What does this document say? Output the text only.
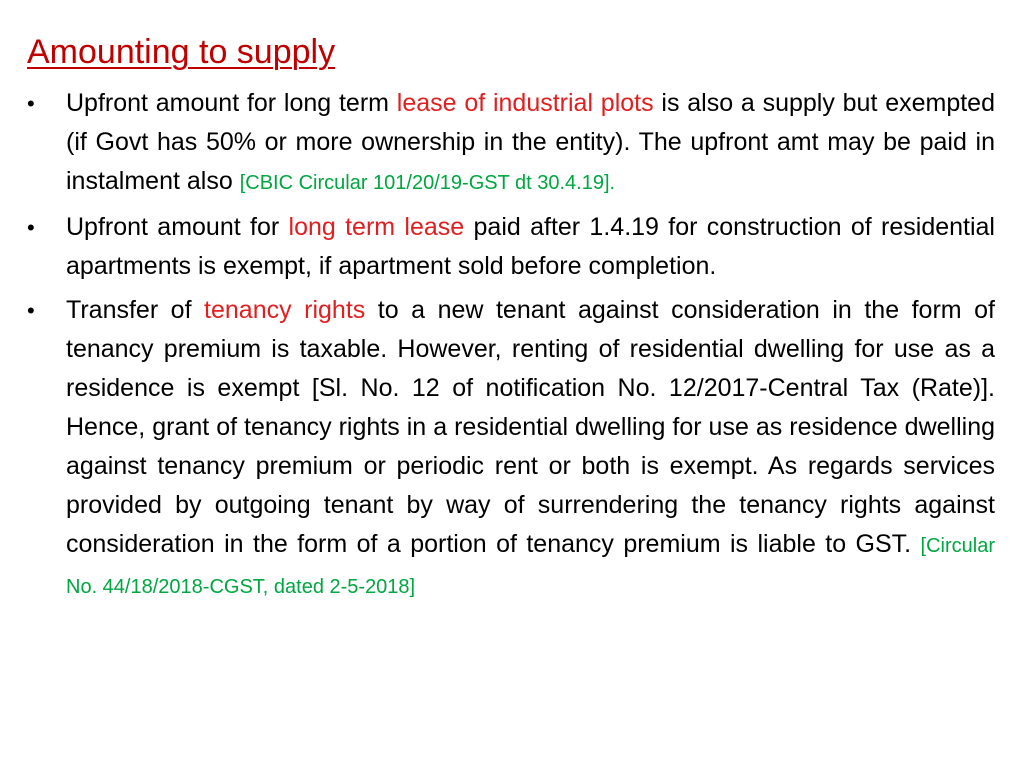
Amounting to supply
• Upfront amount for long term lease of industrial plots is also a supply but exempted (if Govt has 50% or more ownership in the entity). The upfront amt may be paid in instalment also [CBIC Circular 101/20/19-GST dt 30.4.19].
• Upfront amount for long term lease paid after 1.4.19 for construction of residential apartments is exempt, if apartment sold before completion.
• Transfer of tenancy rights to a new tenant against consideration in the form of tenancy premium is taxable. However, renting of residential dwelling for use as a residence is exempt [Sl. No. 12 of notification No. 12/2017-Central Tax (Rate)]. Hence, grant of tenancy rights in a residential dwelling for use as residence dwelling against tenancy premium or periodic rent or both is exempt. As regards services provided by outgoing tenant by way of surrendering the tenancy rights against consideration in the form of a portion of tenancy premium is liable to GST. [Circular No. 44/18/2018-CGST, dated 2-5-2018]
